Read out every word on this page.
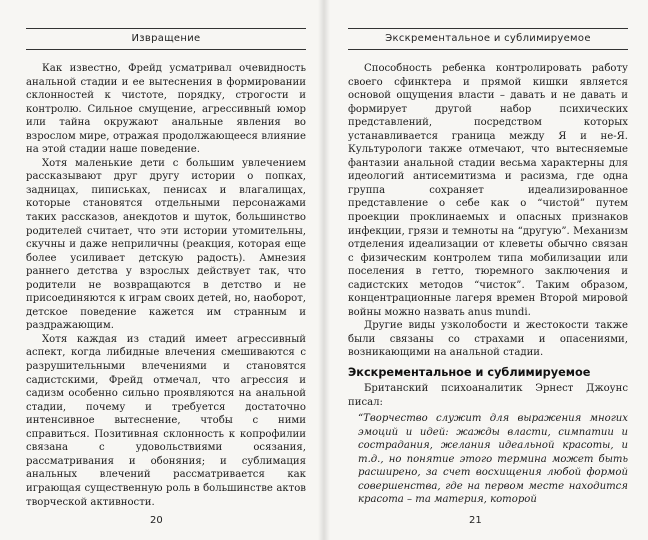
Извращение

Как известно, Фрейд усматривал очевидность анальной стадии и ее вытеснения в формировании склонностей к чистоте, порядку, строгости и контролю. Сильное смущение, агрессивный юмор или тайна окружают анальные явления во взрослом мире, отражая продолжающееся влияние на этой стадии наше поведение.

Хотя маленькие дети с большим увлечением рассказывают друг другу истории о попках, задницах, пиписьках, пенисах и влагалищах, которые становятся отдельными персонажами таких рассказов, анекдотов и шуток, большинство родителей считает, что эти истории утомительны, скучны и даже неприличны (реакция, которая еще более усиливает детскую радость). Амнезия раннего детства у взрослых действует так, что родители не возвращаются в детство и не присоединяются к играм своих детей, но, наоборот, детское поведение кажется им странным и раздражающим.

Хотя каждая из стадий имеет агрессивный аспект, когда либидные влечения смешиваются с разрушительными влечениями и становятся садистскими, Фрейд отмечал, что агрессия и садизм особенно сильно проявляются на анальной стадии, почему и требуется достаточно интенсивное вытеснение, чтобы с ними справиться. Позитивная склонность к копрофилии связана с удовольствиями осязания, рассматривания и обоняния; и сублимация анальных влечений рассматривается как играющая существенную роль в большинстве актов творческой активности.

20
Экскрементальное и сублимируемое

Способность ребенка контролировать работу своего сфинктера и прямой кишки является основой ощущения власти – давать и не давать и формирует другой набор психических представлений, посредством которых устанавливается граница между Я и не-Я. Культурологи также отмечают, что вытесняемые фантазии анальной стадии весьма характерны для идеологий антисемитизма и расизма, где одна группа сохраняет идеализированное представление о себе как о “чистой” путем проекции проклинаемых и опасных признаков инфекции, грязи и темноты на “другую”. Механизм отделения идеализации от клеветы обычно связан с физическим контролем типа мобилизации или поселения в гетто, тюремного заключения и садистских методов “чисток”. Таким образом, концентрационные лагеря времен Второй мировой войны можно назвать anus mundi.

Другие виды узколобости и жестокости также были связаны со страхами и опасениями, возникающими на анальной стадии.

Экскрементальное и сублимируемое

Британский психоаналитик Эрнест Джоунс писал:

“Творчество служит для выражения многих эмоций и идей: жажды власти, симпатии и сострадания, желания идеальной красоты, и т.д., но понятие этого термина может быть расширено, за счет восхищения любой формой совершенства, где на первом месте находится красота – та материя, которой

21
